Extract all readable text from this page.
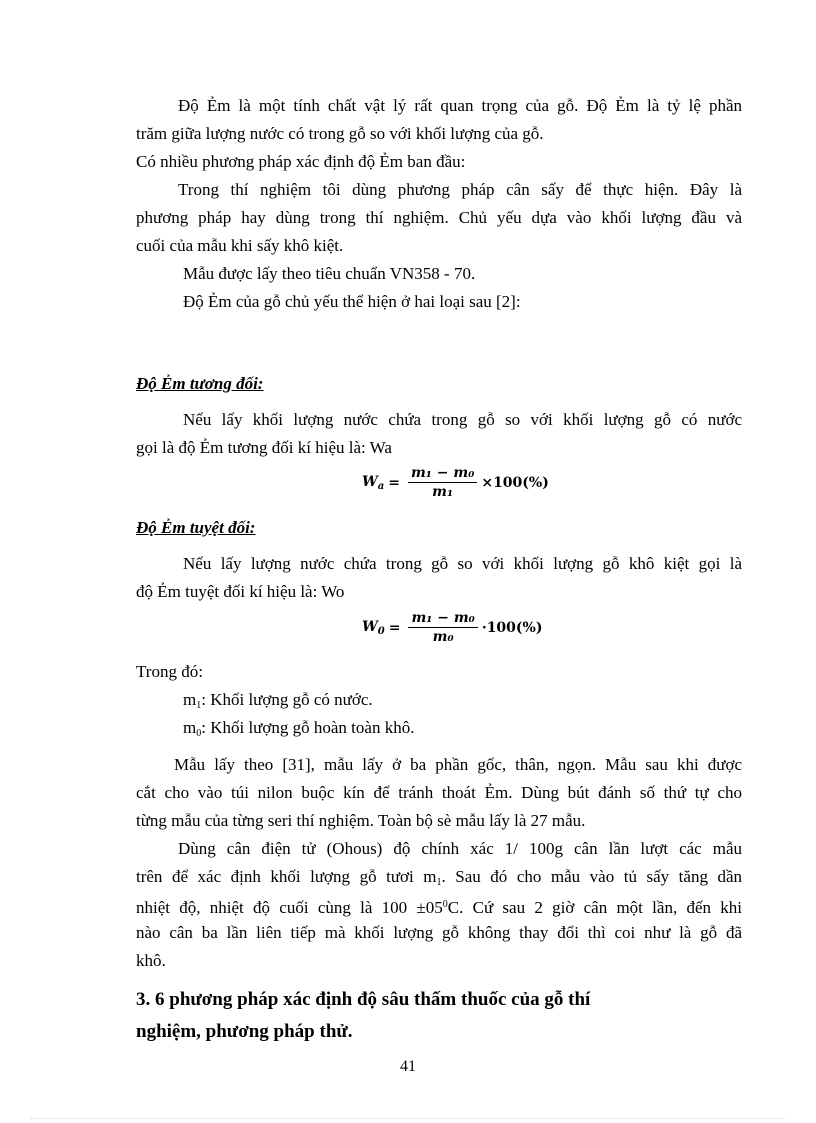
Độ Ẻm là một tính chất vật lý rất quan trọng của gỗ. Độ Ẻm là tỷ lệ phần
trăm giữa lượng nước có trong gỗ so với khối lượng của gỗ.
Có nhiều phương pháp xác định độ Ẻm ban đầu:
Trong thí nghiệm tôi dùng phương pháp cân sấy để thực hiện. Đây là
phương pháp hay dùng trong thí nghiệm. Chủ yếu dựa vào khối lượng đầu và
cuối của mẫu khi sấy khô kiệt.
Mẫu được lấy theo tiêu chuẩn VN358 - 70.
Độ Ẻm của gỗ chủ yếu thể hiện ở hai loại sau [2]:
Độ Ẻm tương đối:
Nếu lấy khối lượng nước chứa trong gỗ so với khối lượng gỗ có nước
gọi là độ Ẻm tương đối kí hiệu là: Wa
$W_a = \frac{\text{m₁ − m₀}}{\text{m₁}} \times 100(\%)$
Độ Ẻm tuyệt đối:
Nếu lấy lượng nước chứa trong gỗ so với khối lượng gỗ khô kiệt gọi là
độ Ẻm tuyệt đối kí hiệu là: Wo
$W_0 = \frac{\text{m₁ − m₀}}{\text{m₀}} \cdot 100(\%)$
Trong đó:
$m_1$: Khối lượng gỗ có nước.
$m_0$: Khối lượng gỗ hoàn toàn khô.
Mẫu lấy theo [31], mẫu lấy ở ba phần gốc, thân, ngọn. Mẫu sau khi được
cắt cho vào túi nilon buộc kín để tránh thoát Ẻm. Dùng bút đánh số thứ tự cho
từng mẫu của từng seri thí nghiệm. Toàn bộ sè mẫu lấy là 27 mẫu.
Dùng cân điện tử (Ohous) độ chính xác 1/ 100g cân lần lượt các mẫu
trên để xác định khối lượng gỗ tươi $m_1$. Sau đó cho mẫu vào tủ sấy tăng dần
nhiệt độ, nhiệt độ cuối cùng là $100 \pm 05^0C$. Cứ sau 2 giờ cân một lần, đến khi
nào cân ba lần liên tiếp mà khối lượng gỗ không thay đổi thì coi như là gỗ đã
khô.
3. 6 phương pháp xác định độ sâu thấm thuốc của gỗ thí
nghiệm, phương pháp thử.
41
